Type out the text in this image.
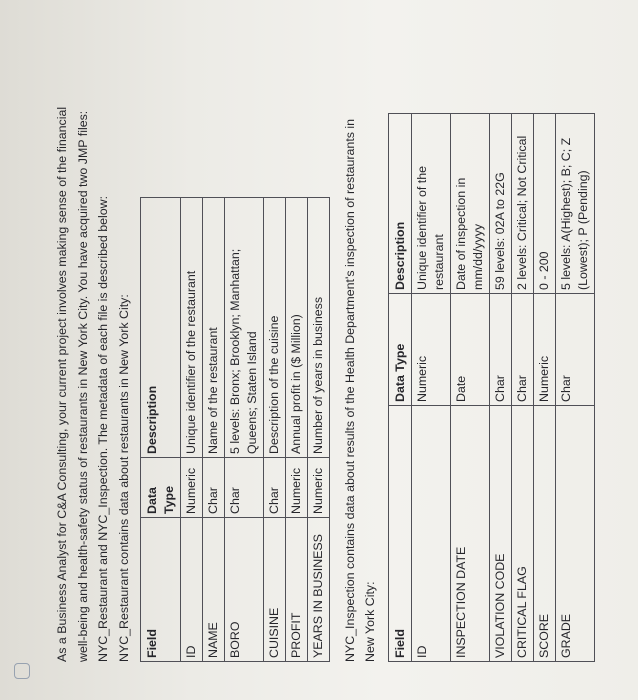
As a Business Analyst for C&A Consulting, your current project involves making sense of the financial well-being and health-safety status of restaurants in New York City. You have acquired two JMP files: NYC_Restaurant and NYC_Inspection. The metadata of each file is described below: NYC_Restaurant contains data about restaurants in New York City: Field	Data Type	Description
ID	Numeric	Unique identifier of the restaurant
NAME	Char	Name of the restaurant
BORO	Char	5 levels: Bronx; Brooklyn; Manhattan; Queens; Staten Island
CUISINE	Char	Description of the cuisine
PROFIT	Numeric	Annual profit in ($ Million)
YEARS IN BUSINESS	Numeric	Number of years in business NYC_Inspection contains data about results of the Health Department's inspection of restaurants in New York City: Field	Data Type	Description
ID	Numeric	Unique identifier of the restaurant
INSPECTION DATE	Date	Date of inspection in mm/dd/yyyy
VIOLATION CODE	Char	59 levels: 02A to 22G
CRITICAL FLAG	Char	2 levels: Critical; Not Critical
SCORE	Numeric	0 - 200
GRADE	Char	5 levels: A(Highest); B; C; Z (Lowest); P (Pending)
